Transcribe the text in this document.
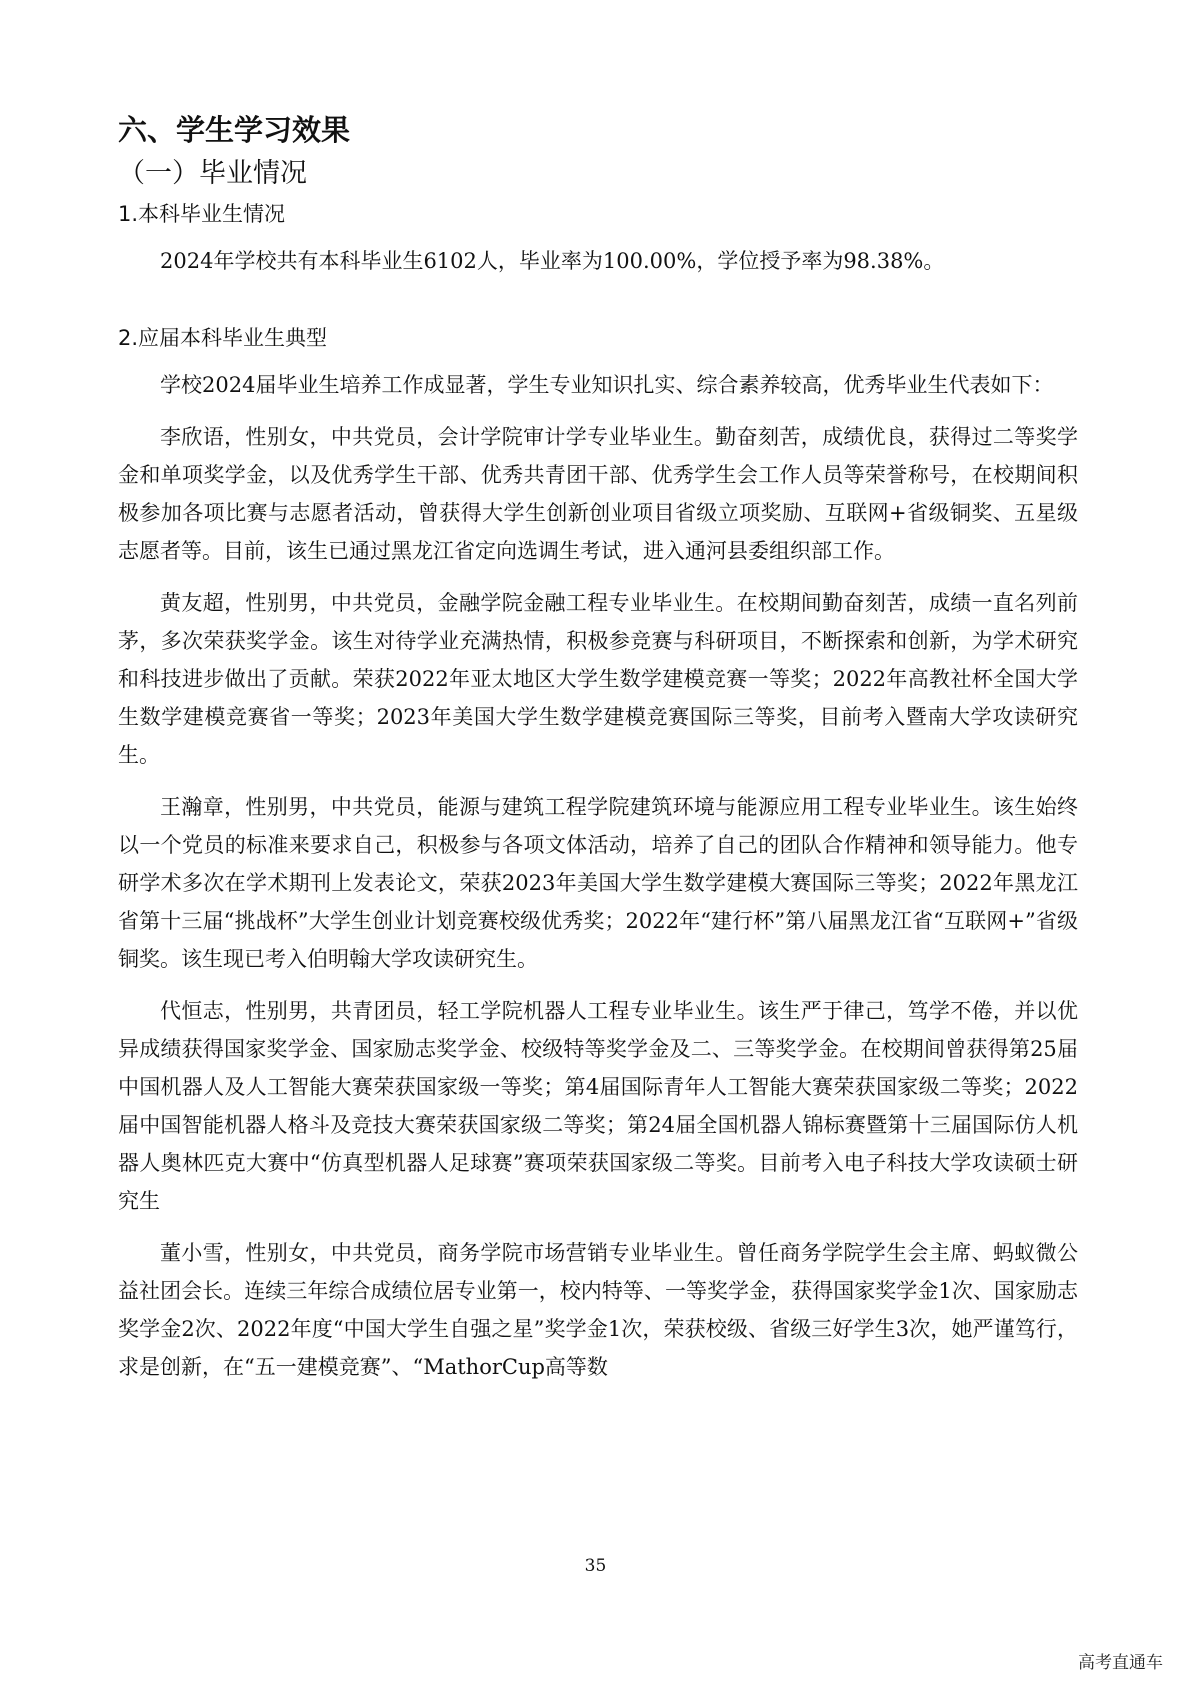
六、学生学习效果
（一）毕业情况
1.本科毕业生情况

2024年学校共有本科毕业生6102人，毕业率为100.00%，学位授予率为98.38%。

2.应届本科毕业生典型

学校2024届毕业生培养工作成显著，学生专业知识扎实、综合素养较高，优秀毕业生代表如下：

李欣语，性别女，中共党员，会计学院审计学专业毕业生。勤奋刻苦，成绩优良，获得过二等奖学金和单项奖学金，以及优秀学生干部、优秀共青团干部、优秀学生会工作人员等荣誉称号，在校期间积极参加各项比赛与志愿者活动，曾获得大学生创新创业项目省级立项奖励、互联网+省级铜奖、五星级志愿者等。目前，该生已通过黑龙江省定向选调生考试，进入通河县委组织部工作。

黄友超，性别男，中共党员，金融学院金融工程专业毕业生。在校期间勤奋刻苦，成绩一直名列前茅，多次荣获奖学金。该生对待学业充满热情，积极参竞赛与科研项目，不断探索和创新，为学术研究和科技进步做出了贡献。荣获2022年亚太地区大学生数学建模竞赛一等奖；2022年高教社杯全国大学生数学建模竞赛省一等奖；2023年美国大学生数学建模竞赛国际三等奖，目前考入暨南大学攻读研究生。

王瀚章，性别男，中共党员，能源与建筑工程学院建筑环境与能源应用工程专业毕业生。该生始终以一个党员的标准来要求自己，积极参与各项文体活动，培养了自己的团队合作精神和领导能力。他专研学术多次在学术期刊上发表论文，荣获2023年美国大学生数学建模大赛国际三等奖；2022年黑龙江省第十三届“挑战杯”大学生创业计划竞赛校级优秀奖；2022年“建行杯”第八届黑龙江省“互联网+”省级铜奖。该生现已考入伯明翰大学攻读研究生。

代恒志，性别男，共青团员，轻工学院机器人工程专业毕业生。该生严于律己，笃学不倦，并以优异成绩获得国家奖学金、国家励志奖学金、校级特等奖学金及二、三等奖学金。在校期间曾获得第25届中国机器人及人工智能大赛荣获国家级一等奖；第4届国际青年人工智能大赛荣获国家级二等奖；2022届中国智能机器人格斗及竞技大赛荣获国家级二等奖；第24届全国机器人锦标赛暨第十三届国际仿人机器人奥林匹克大赛中“仿真型机器人足球赛”赛项荣获国家级二等奖。目前考入电子科技大学攻读硕士研究生

董小雪，性别女，中共党员，商务学院市场营销专业毕业生。曾任商务学院学生会主席、蚂蚁微公益社团会长。连续三年综合成绩位居专业第一，校内特等、一等奖学金，获得国家奖学金1次、国家励志奖学金2次、2022年度“中国大学生自强之星”奖学金1次，荣获校级、省级三好学生3次，她严谨笃行，求是创新，在“五一建模竞赛”、“MathorCup高等数

35
高考直通车
